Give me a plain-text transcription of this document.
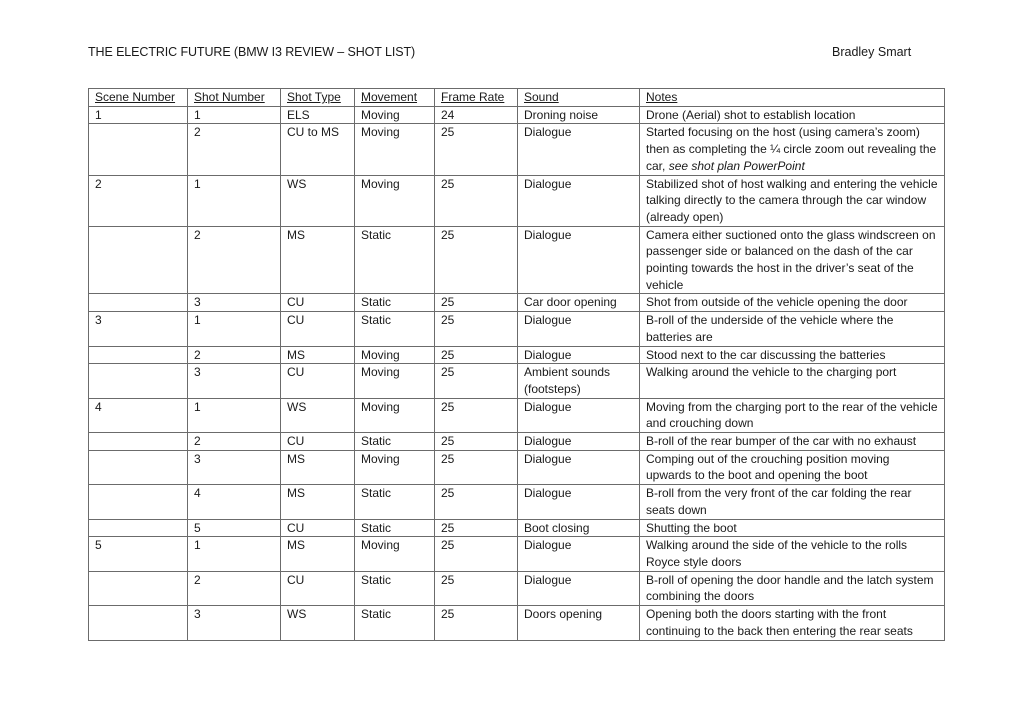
THE ELECTRIC FUTURE (BMW I3 REVIEW – SHOT LIST)	Bradley Smart
Scene Number	Shot Number	Shot Type	Movement	Frame Rate	Sound	Notes
1	1	ELS	Moving	24	Droning noise	Drone (Aerial) shot to establish location
	2	CU to MS	Moving	25	Dialogue	Started focusing on the host (using camera’s zoom) then as completing the ¼ circle zoom out revealing the car, see shot plan PowerPoint
2	1	WS	Moving	25	Dialogue	Stabilized shot of host walking and entering the vehicle talking directly to the camera through the car window (already open)
	2	MS	Static	25	Dialogue	Camera either suctioned onto the glass windscreen on passenger side or balanced on the dash of the car pointing towards the host in the driver’s seat of the vehicle
	3	CU	Static	25	Car door opening	Shot from outside of the vehicle opening the door
3	1	CU	Static	25	Dialogue	B-roll of the underside of the vehicle where the batteries are
	2	MS	Moving	25	Dialogue	Stood next to the car discussing the batteries
	3	CU	Moving	25	Ambient sounds (footsteps)	Walking around the vehicle to the charging port
4	1	WS	Moving	25	Dialogue	Moving from the charging port to the rear of the vehicle and crouching down
	2	CU	Static	25	Dialogue	B-roll of the rear bumper of the car with no exhaust
	3	MS	Moving	25	Dialogue	Comping out of the crouching position moving upwards to the boot and opening the boot
	4	MS	Static	25	Dialogue	B-roll from the very front of the car folding the rear seats down
	5	CU	Static	25	Boot closing	Shutting the boot
5	1	MS	Moving	25	Dialogue	Walking around the side of the vehicle to the rolls Royce style doors
	2	CU	Static	25	Dialogue	B-roll of opening the door handle and the latch system combining the doors
	3	WS	Static	25	Doors opening	Opening both the doors starting with the front continuing to the back then entering the rear seats
